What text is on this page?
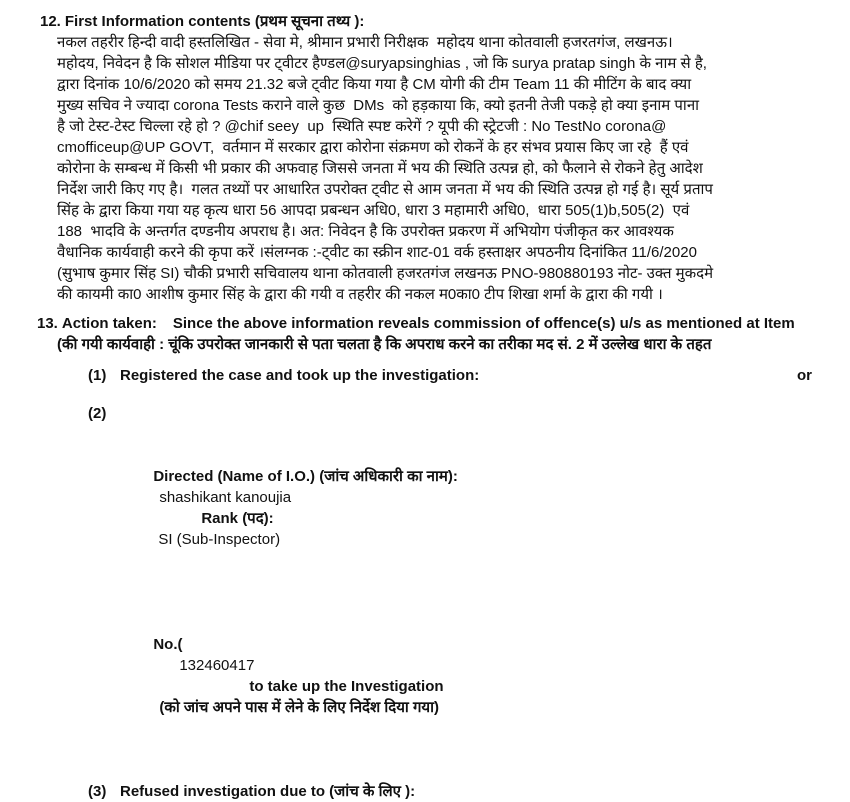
12. First Information contents (प्रथम सूचना तथ्य ):
नकल तहरीर हिन्दी वादी हस्तलिखित - सेवा मे, श्रीमान प्रभारी निरीक्षक  महोदय थाना कोतवाली हजरतगंज, लखनऊ।
महोदय, निवेदन है कि सोशल मीडिया पर ट्वीटर हैण्डल@suryapsinghias , जो कि surya pratap singh के नाम से है,
द्वारा दिनांक 10/6/2020 को समय 21.32 बजे ट्वीट किया गया है CM योगी की टीम Team 11 की मीटिंग के बाद क्या
मुख्य सचिव ने ज्यादा corona Tests कराने वाले कुछ  DMs  को हड़काया कि, क्यो इतनी तेजी पकड़े हो क्या इनाम पाना
है जो टेस्ट-टेस्ट चिल्ला रहे हो ? @chif seey  up  स्थिति स्पष्ट करेगें ? यूपी की स्ट्रेटजी : No TestNo corona@
cmofficeup@UP GOVT,  वर्तमान में सरकार द्वारा कोरोना संक्रमण को रोकनें के हर संभव प्रयास किए जा रहे  हैं एवं
कोरोना के सम्बन्ध में किसी भी प्रकार की अफवाह जिससे जनता में भय की स्थिति उत्पन्न हो, को फैलाने से रोकने हेतु आदेश
निर्देश जारी किए गए है।  गलत तथ्यों पर आधारित उपरोक्त ट्वीट से आम जनता में भय की स्थिति उत्पन्न हो गई है। सूर्य प्रताप
सिंह के द्वारा किया गया यह कृत्य धारा 56 आपदा प्रबन्धन अधि0, धारा 3 महामारी अधि0,  धारा 505(1)b,505(2)  एवं
188  भादवि के अन्तर्गत दण्डनीय अपराध है। अत: निवेदन है कि उपरोक्त प्रकरण में अभियोग पंजीकृत कर आवश्यक
वैधानिक कार्यवाही करने की कृपा करें ।संलग्नक :-ट्वीट का स्क्रीन शाट-01 वर्क हस्ताक्षर अपठनीय दिनांकित 11/6/2020
(सुभाष कुमार सिंह SI) चौकी प्रभारी सचिवालय थाना कोतवाली हजरतगंज लखनऊ PNO-980880193 नोट- उक्त मुकदमे
की कायमी का0 आशीष कुमार सिंह के द्वारा की गयी व तहरीर की नकल म0का0 टीप शिखा शर्मा के द्वारा की गयी ।
13. Action taken: Since the above information reveals commission of offence(s) u/s as mentioned at Item
(की गयी कार्यवाही : चूंकि उपरोक्त जानकारी से पता चलता है कि अपराध करने का तरीका मद सं. 2 में उल्लेख धारा के तहत
(1) Registered the case and took up the investigation:	or
(2)

Directed (Name of I.O.) (जांच अधिकारी का नाम):
shashikant kanoujia
Rank (पद):
SI (Sub-Inspector)

No.(
132460417
to take up the Investigation
(को जांच अपने पास में लेने के लिए निर्देश दिया गया)

(3) Refused investigation due to (जांच के लिए ):
